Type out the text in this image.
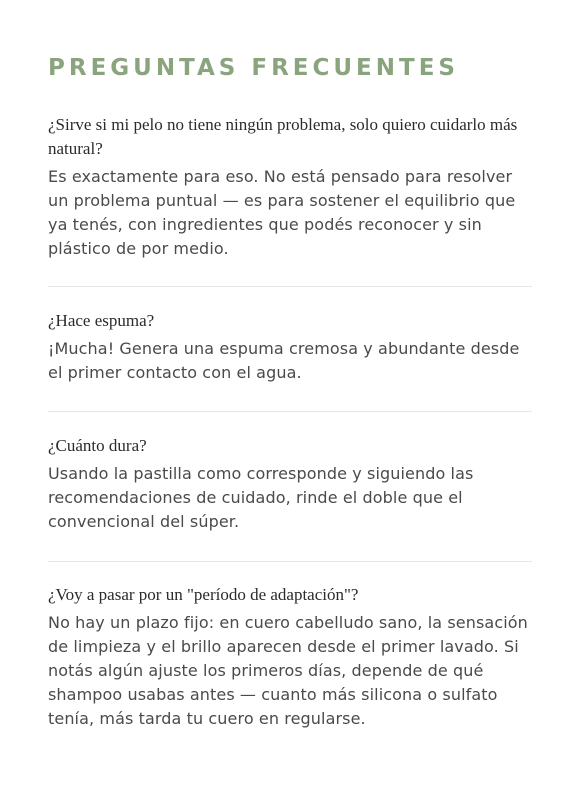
PREGUNTAS FRECUENTES

¿Sirve si mi pelo no tiene ningún problema, solo quiero cuidarlo más natural?

Es exactamente para eso. No está pensado para resolver un problema puntual — es para sostener el equilibrio que ya tenés, con ingredientes que podés reconocer y sin plástico de por medio.

¿Hace espuma?

¡Mucha! Genera una espuma cremosa y abundante desde el primer contacto con el agua.

¿Cuánto dura?

Usando la pastilla como corresponde y siguiendo las recomendaciones de cuidado, rinde el doble que el convencional del súper.

¿Voy a pasar por un "período de adaptación"?

No hay un plazo fijo: en cuero cabelludo sano, la sensación de limpieza y el brillo aparecen desde el primer lavado. Si notás algún ajuste los primeros días, depende de qué shampoo usabas antes — cuanto más silicona o sulfato tenía, más tarda tu cuero en regularse.
